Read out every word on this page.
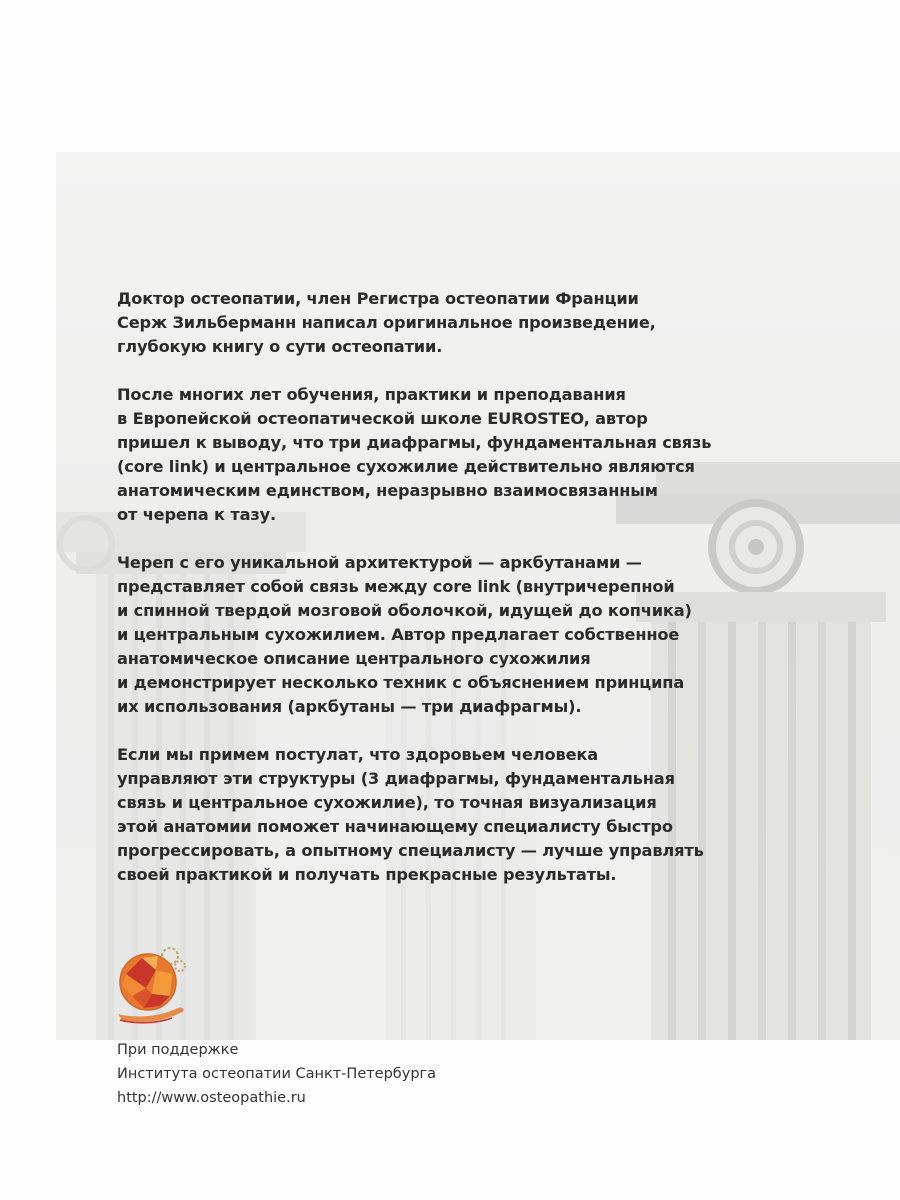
Доктор остеопатии, член Регистра остеопатии Франции
Серж Зильберманн написал оригинальное произведение,
глубокую книгу о сути остеопатии.
После многих лет обучения, практики и преподавания
в Европейской остеопатической школе EUROSTEO, автор
пришел к выводу, что три диафрагмы, фундаментальная связь
(core link) и центральное сухожилие действительно являются
анатомическим единством, неразрывно взаимосвязанным
от черепа к тазу.
Череп с его уникальной архитектурой — аркбутанами —
представляет собой связь между core link (внутричерепной
и спинной твердой мозговой оболочкой, идущей до копчика)
и центральным сухожилием. Автор предлагает собственное
анатомическое описание центрального сухожилия
и демонстрирует несколько техник с объяснением принципа
их использования (аркбутаны — три диафрагмы).
Если мы примем постулат, что здоровьем человека
управляют эти структуры (3 диафрагмы, фундаментальная
связь и центральное сухожилие), то точная визуализация
этой анатомии поможет начинающему специалисту быстро
прогрессировать, а опытному специалисту — лучше управлять
своей практикой и получать прекрасные результаты.
При поддержке
Института остеопатии Санкт-Петербурга
http://www.osteopathie.ru
